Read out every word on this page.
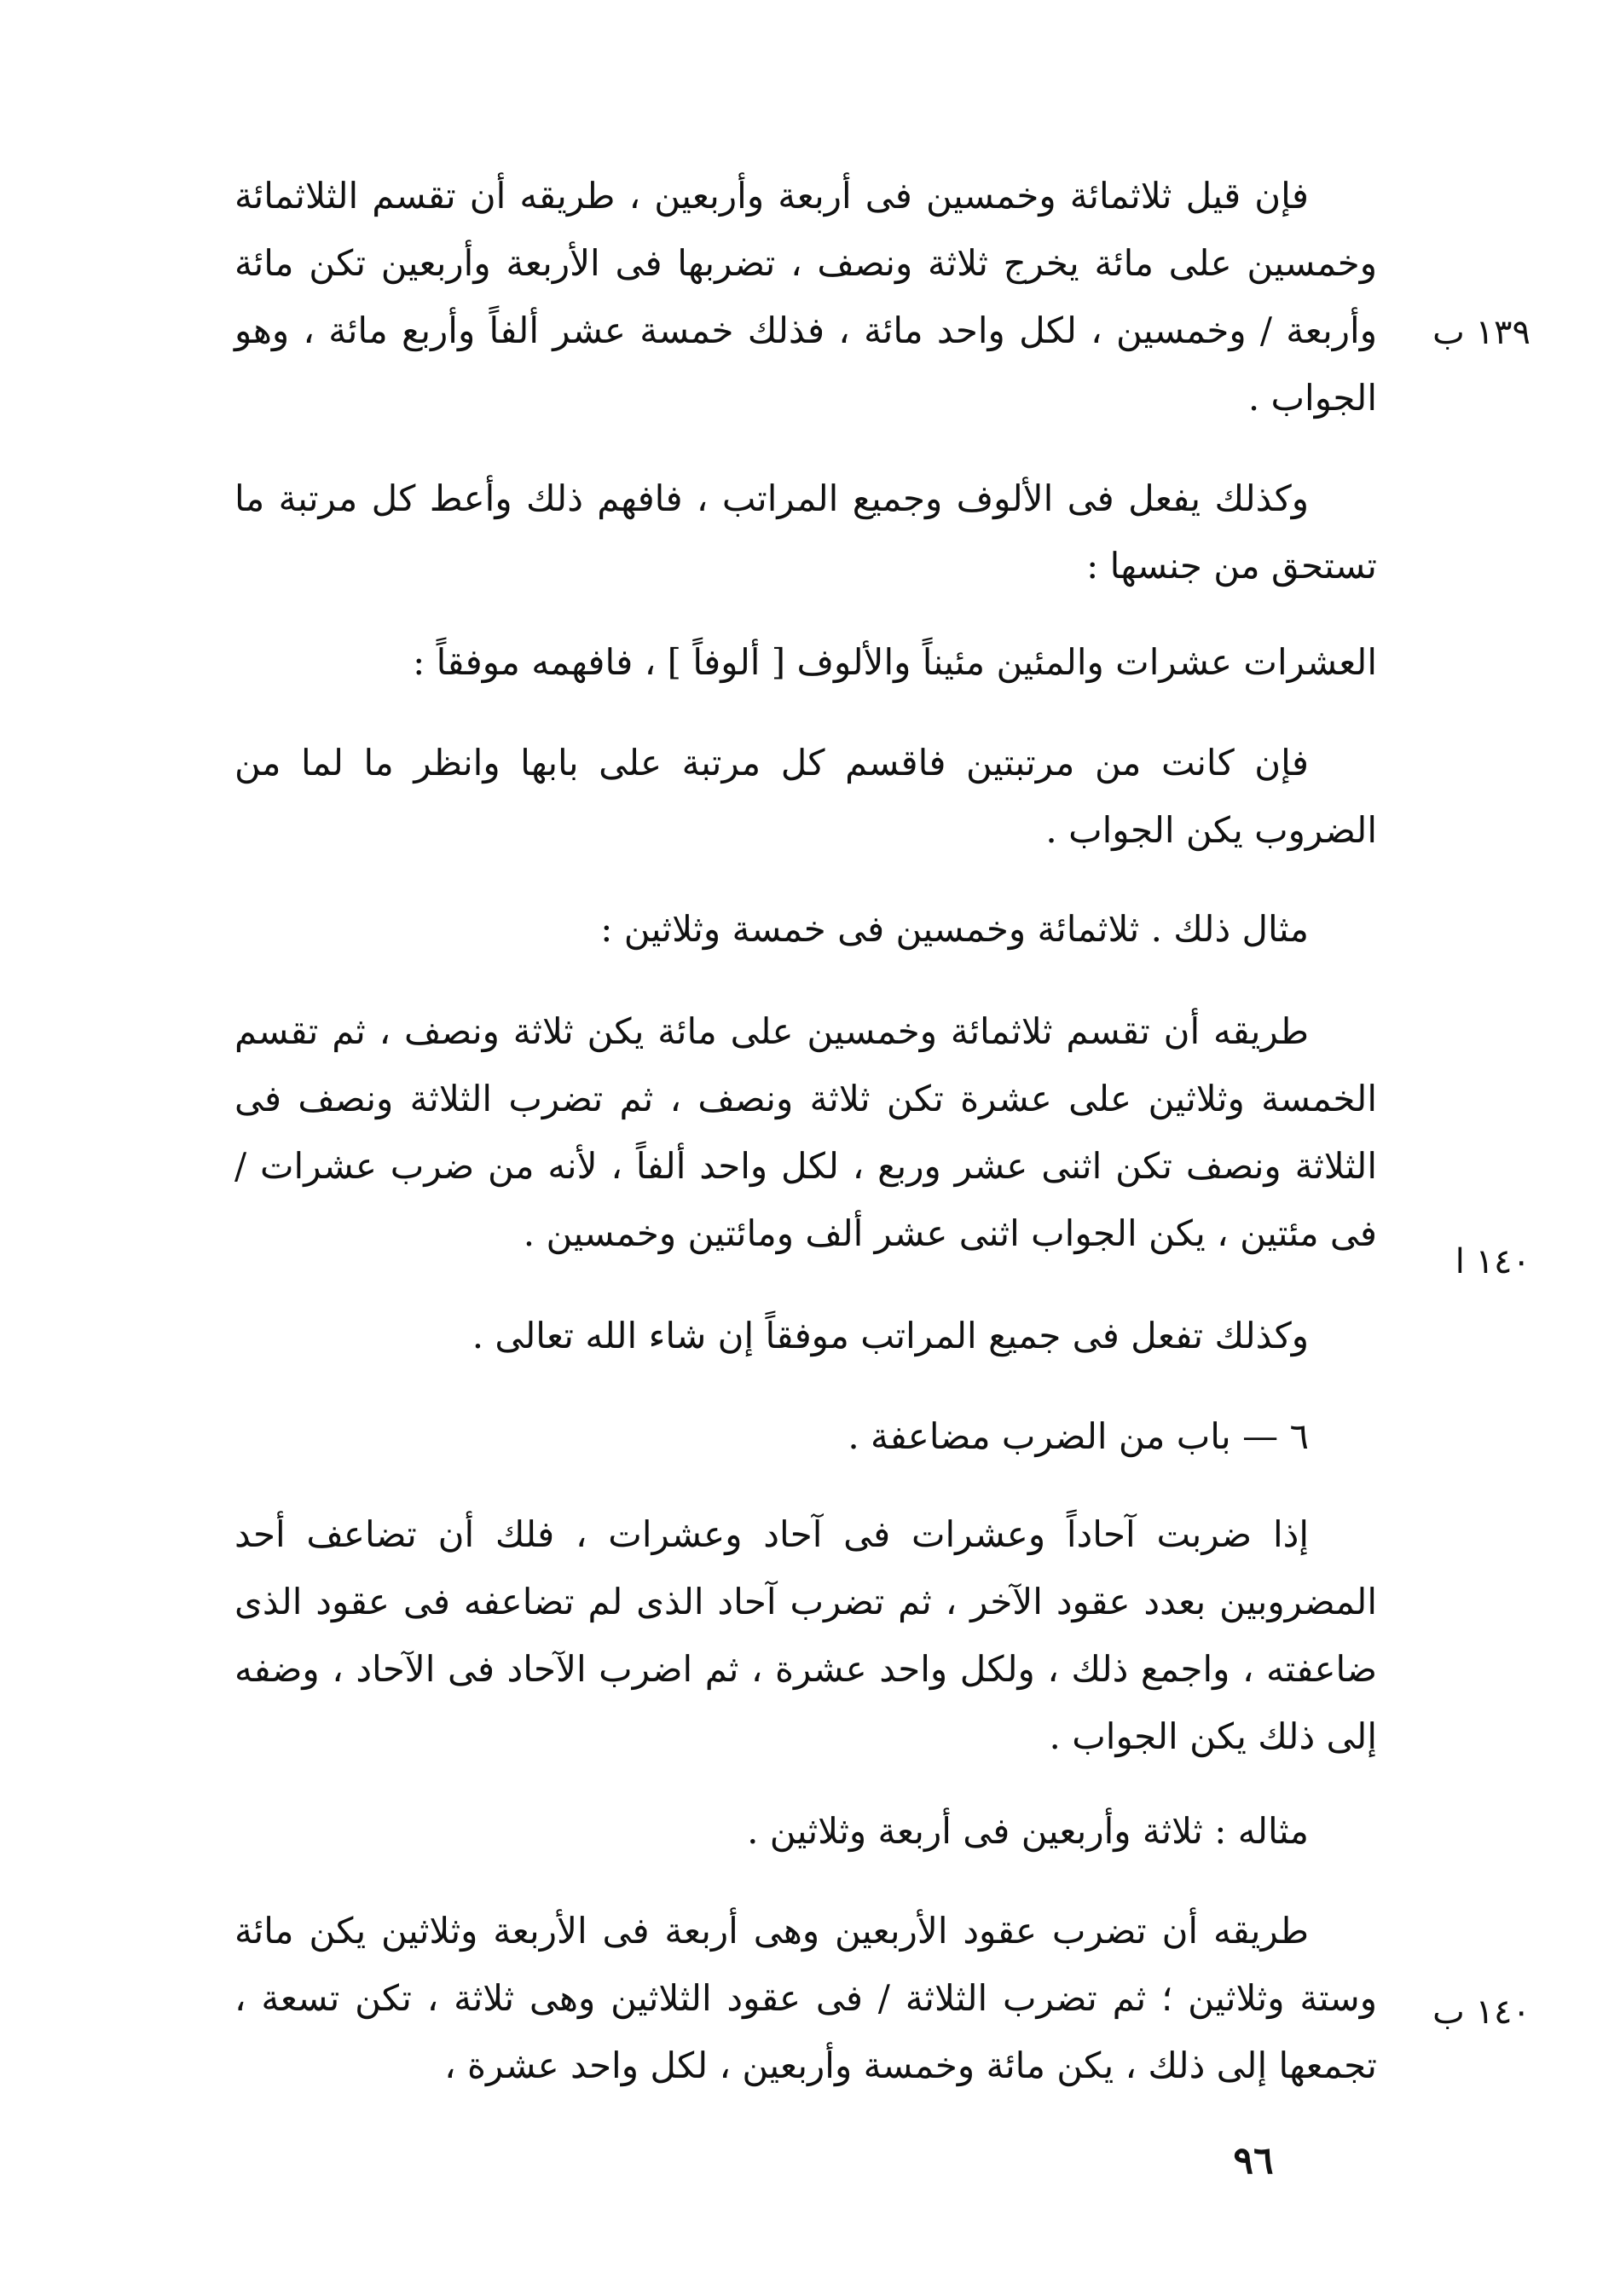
فإن قيل ثلاثمائة وخمسين فى أربعة وأربعين ، طريقه أن تقسم الثلاثمائة وخمسين على مائة يخرج ثلاثة ونصف ، تضربها فى الأربعة وأربعين تكن مائة وأربعة / وخمسين ، لكل واحد مائة ، فذلك خمسة عشر ألفاً وأربع مائة ، وهو الجواب .

وكذلك يفعل فى الألوف وجميع المراتب ، فافهم ذلك وأعط كل مرتبة ما تستحق من جنسها :

العشرات عشرات والمئين مئيناً والألوف [ ألوفاً ] ، فافهمه موفقاً :

فإن كانت من مرتبتين فاقسم كل مرتبة على بابها وانظر ما لما من الضروب يكن الجواب .

مثال ذلك . ثلاثمائة وخمسين فى خمسة وثلاثين :

طريقه أن تقسم ثلاثمائة وخمسين على مائة يكن ثلاثة ونصف ، ثم تقسم الخمسة وثلاثين على عشرة تكن ثلاثة ونصف ، ثم تضرب الثلاثة ونصف فى الثلاثة ونصف تكن اثنى عشر وربع ، لكل واحد ألفاً ، لأنه من ضرب عشرات / فى مئتين ، يكن الجواب اثنى عشر ألف ومائتين وخمسين .

وكذلك تفعل فى جميع المراتب موفقاً إن شاء الله تعالى .

٦ — باب من الضرب مضاعفة .

إذا ضربت آحاداً وعشرات فى آحاد وعشرات ، فلك أن تضاعف أحد المضروبين بعدد عقود الآخر ، ثم تضرب آحاد الذى لم تضاعفه فى عقود الذى ضاعفته ، واجمع ذلك ، ولكل واحد عشرة ، ثم اضرب الآحاد فى الآحاد ، وضفه إلى ذلك يكن الجواب .

مثاله : ثلاثة وأربعين فى أربعة وثلاثين .

طريقه أن تضرب عقود الأربعين وهى أربعة فى الأربعة وثلاثين يكن مائة وستة وثلاثين ؛ ثم تضرب الثلاثة / فى عقود الثلاثين وهى ثلاثة ، تكن تسعة ، تجمعها إلى ذلك ، يكن مائة وخمسة وأربعين ، لكل واحد عشرة ،

١٣٩ ب
١٤٠ ا
١٤٠ ب
٩٦
